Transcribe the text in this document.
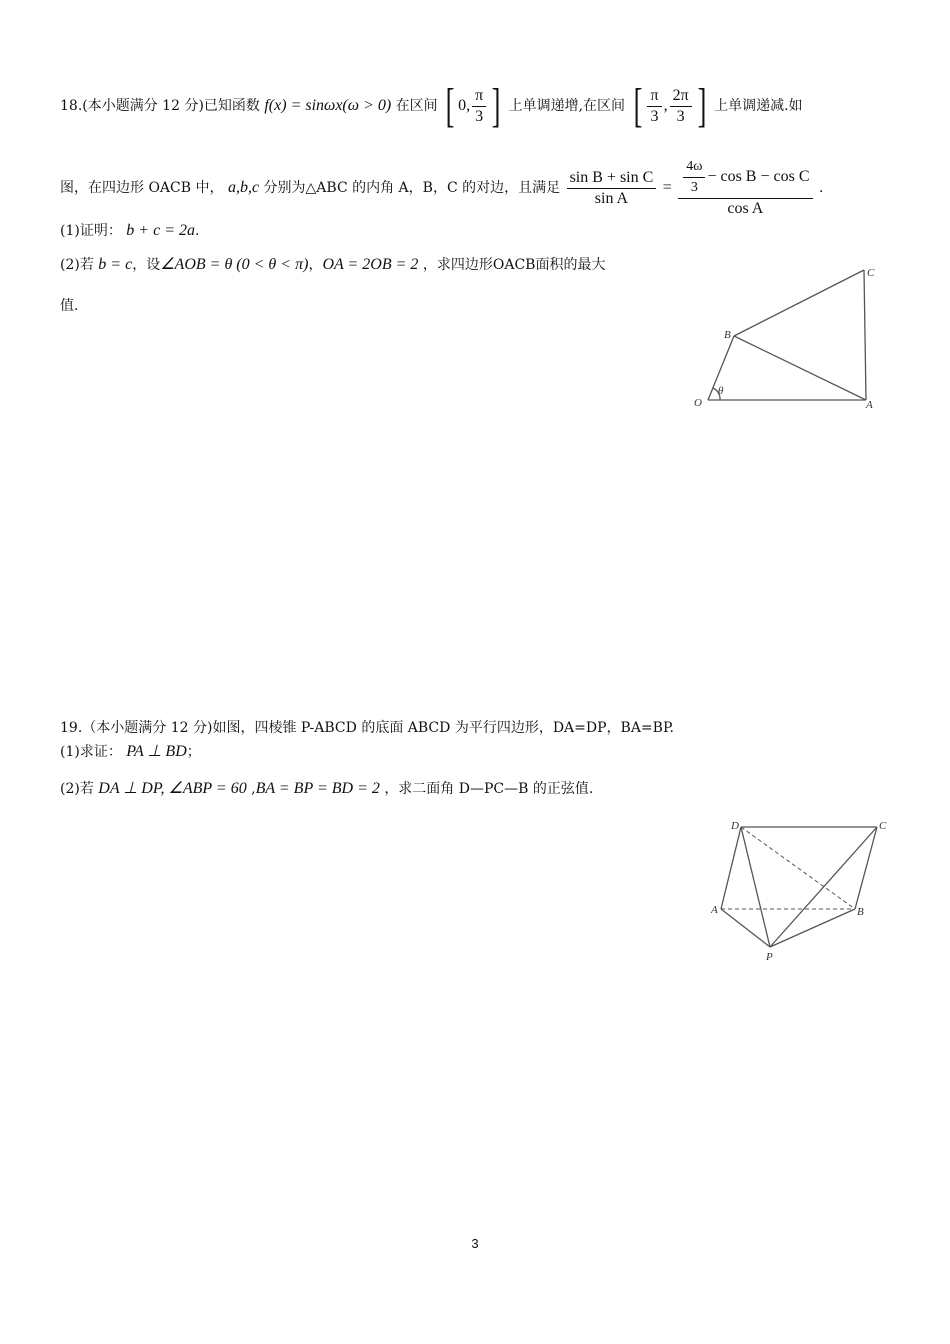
18.(本小题满分 12 分)已知函数 f(x) = sinωx(ω > 0) 在区间 [ 0, $\frac{\pi}{3}$ ] 上单调递增,在区间 [ $\frac{\pi}{3}$ , $\frac{2\pi}{3}$ ] 上单调递减.如
图，在四边形 OACB 中， a,b,c 分别为△ABC 的内角 A，B，C 的对边，且满足 $\frac{\text{sin B + sin C}}{\text{sin A}} = \frac{\frac{4\omega}{3} - \cos B - \cos C}{\text{cos A}}$ .
(1)证明： b + c = 2a.
(2)若 b = c，设∠AOB = θ (0 < θ < π)，OA = 2OB = 2 ，求四边形OACB面积的最大
值.
O	A
B
C
θ
19.（本小题满分 12 分)如图，四棱锥 P-ABCD 的底面 ABCD 为平行四边形，DA=DP，BA=BP.
(1)求证： PA ⊥ BD；
(2)若 DA ⊥ DP, ∠ABP = 60 ,BA = BP = BD = 2 ，求二面角 D—PC—B 的正弦值.
D	C
A	B
P
3
